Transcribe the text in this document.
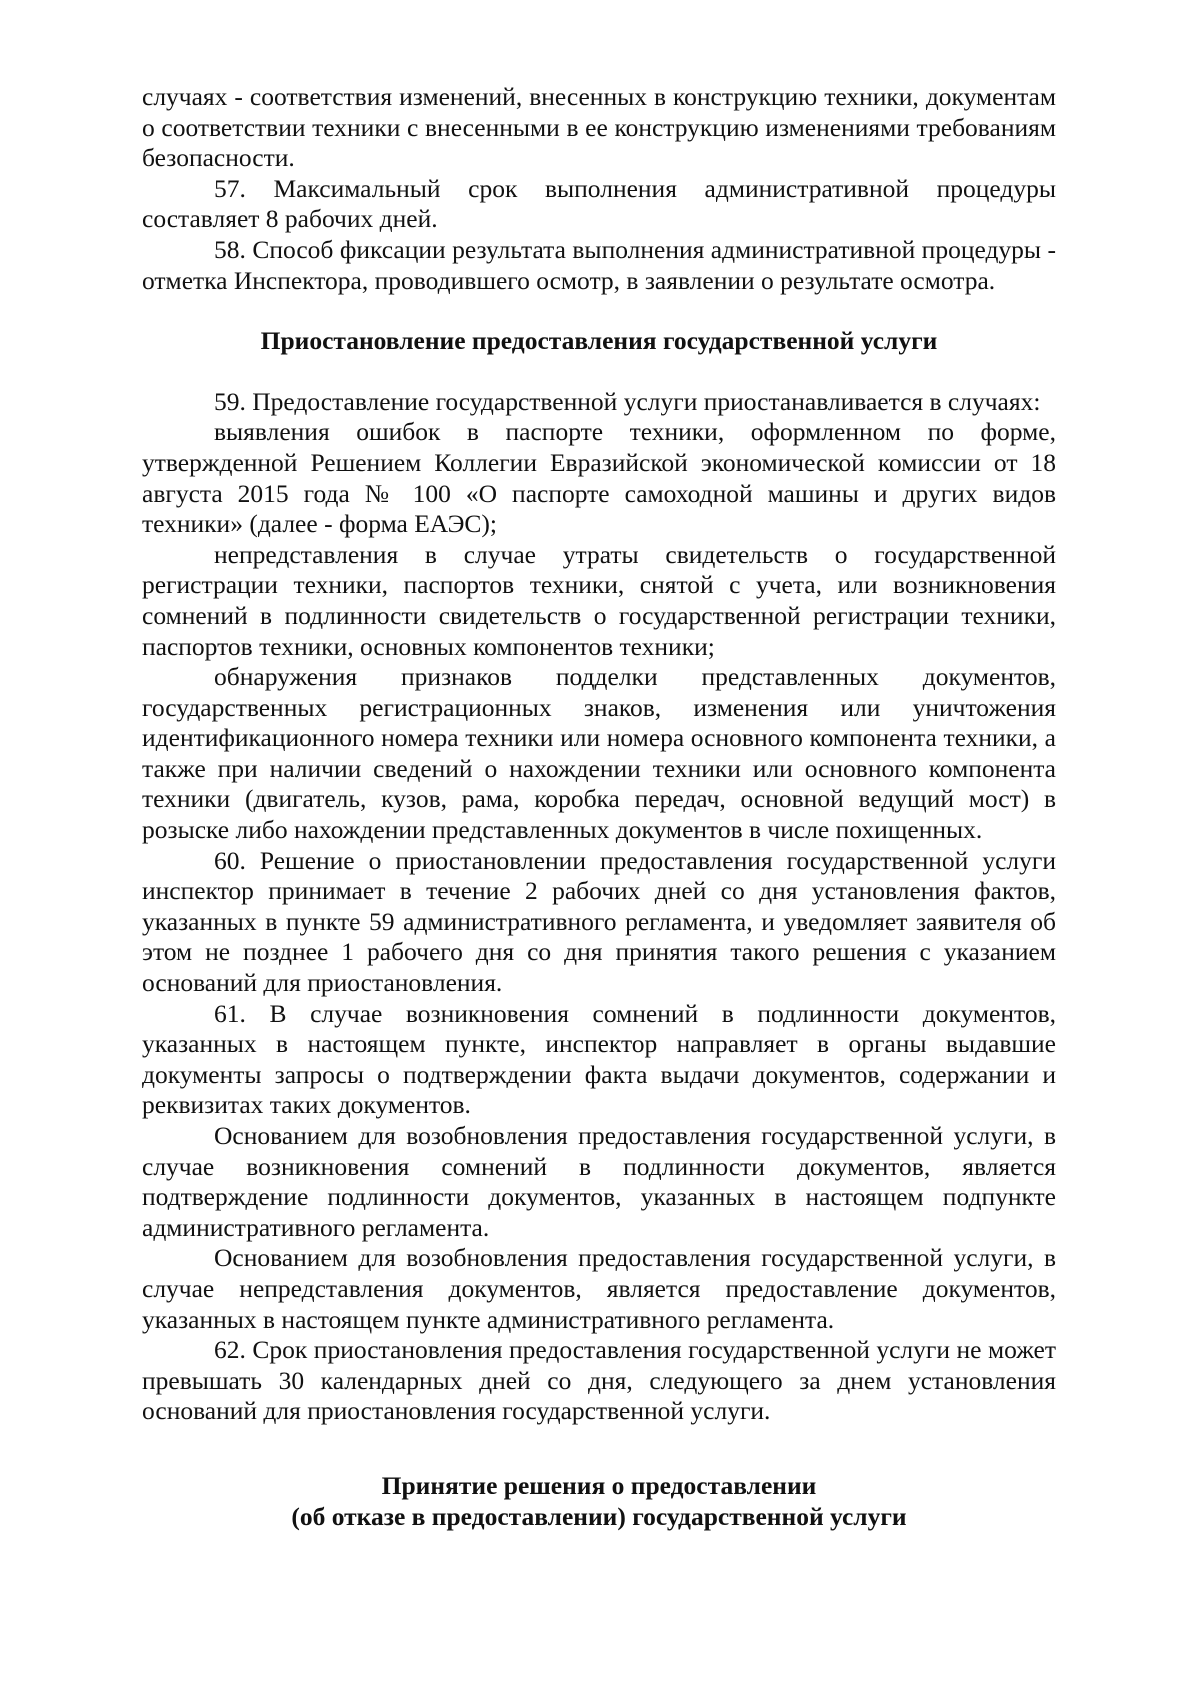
случаях - соответствия изменений, внесенных в конструкцию техники, документам о соответствии техники с внесенными в ее конструкцию изменениями требованиям безопасности.

57. Максимальный срок выполнения административной процедуры составляет 8 рабочих дней.

58. Способ фиксации результата выполнения административной процедуры - отметка Инспектора, проводившего осмотр, в заявлении о результате осмотра.

Приостановление предоставления государственной услуги

59. Предоставление государственной услуги приостанавливается в случаях:

выявления ошибок в паспорте техники, оформленном по форме, утвержденной Решением Коллегии Евразийской экономической комиссии от 18 августа 2015 года № 100 «О паспорте самоходной машины и других видов техники» (далее - форма ЕАЭС);

непредставления в случае утраты свидетельств о государственной регистрации техники, паспортов техники, снятой с учета, или возникновения сомнений в подлинности свидетельств о государственной регистрации техники, паспортов техники, основных компонентов техники;

обнаружения признаков подделки представленных документов, государственных регистрационных знаков, изменения или уничтожения идентификационного номера техники или номера основного компонента техники, а также при наличии сведений о нахождении техники или основного компонента техники (двигатель, кузов, рама, коробка передач, основной ведущий мост) в розыске либо нахождении представленных документов в числе похищенных.

60. Решение о приостановлении предоставления государственной услуги инспектор принимает в течение 2 рабочих дней со дня установления фактов, указанных в пункте 59 административного регламента, и уведомляет заявителя об этом не позднее 1 рабочего дня со дня принятия такого решения с указанием оснований для приостановления.

61. В случае возникновения сомнений в подлинности документов, указанных в настоящем пункте, инспектор направляет в органы выдавшие документы запросы о подтверждении факта выдачи документов, содержании и реквизитах таких документов.

Основанием для возобновления предоставления государственной услуги, в случае возникновения сомнений в подлинности документов, является подтверждение подлинности документов, указанных в настоящем подпункте административного регламента.

Основанием для возобновления предоставления государственной услуги, в случае непредставления документов, является предоставление документов, указанных в настоящем пункте административного регламента.

62. Срок приостановления предоставления государственной услуги не может превышать 30 календарных дней со дня, следующего за днем установления оснований для приостановления государственной услуги.

Принятие решения о предоставлении

(об отказе в предоставлении) государственной услуги
